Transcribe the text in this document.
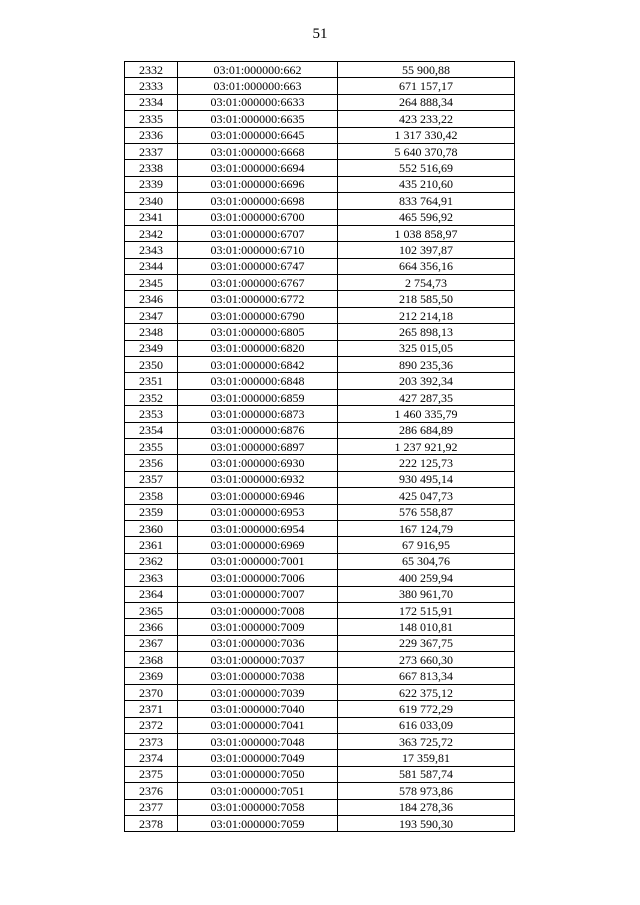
51
2332	03:01:000000:662	55 900,88
2333	03:01:000000:663	671 157,17
2334	03:01:000000:6633	264 888,34
2335	03:01:000000:6635	423 233,22
2336	03:01:000000:6645	1 317 330,42
2337	03:01:000000:6668	5 640 370,78
2338	03:01:000000:6694	552 516,69
2339	03:01:000000:6696	435 210,60
2340	03:01:000000:6698	833 764,91
2341	03:01:000000:6700	465 596,92
2342	03:01:000000:6707	1 038 858,97
2343	03:01:000000:6710	102 397,87
2344	03:01:000000:6747	664 356,16
2345	03:01:000000:6767	2 754,73
2346	03:01:000000:6772	218 585,50
2347	03:01:000000:6790	212 214,18
2348	03:01:000000:6805	265 898,13
2349	03:01:000000:6820	325 015,05
2350	03:01:000000:6842	890 235,36
2351	03:01:000000:6848	203 392,34
2352	03:01:000000:6859	427 287,35
2353	03:01:000000:6873	1 460 335,79
2354	03:01:000000:6876	286 684,89
2355	03:01:000000:6897	1 237 921,92
2356	03:01:000000:6930	222 125,73
2357	03:01:000000:6932	930 495,14
2358	03:01:000000:6946	425 047,73
2359	03:01:000000:6953	576 558,87
2360	03:01:000000:6954	167 124,79
2361	03:01:000000:6969	67 916,95
2362	03:01:000000:7001	65 304,76
2363	03:01:000000:7006	400 259,94
2364	03:01:000000:7007	380 961,70
2365	03:01:000000:7008	172 515,91
2366	03:01:000000:7009	148 010,81
2367	03:01:000000:7036	229 367,75
2368	03:01:000000:7037	273 660,30
2369	03:01:000000:7038	667 813,34
2370	03:01:000000:7039	622 375,12
2371	03:01:000000:7040	619 772,29
2372	03:01:000000:7041	616 033,09
2373	03:01:000000:7048	363 725,72
2374	03:01:000000:7049	17 359,81
2375	03:01:000000:7050	581 587,74
2376	03:01:000000:7051	578 973,86
2377	03:01:000000:7058	184 278,36
2378	03:01:000000:7059	193 590,30
